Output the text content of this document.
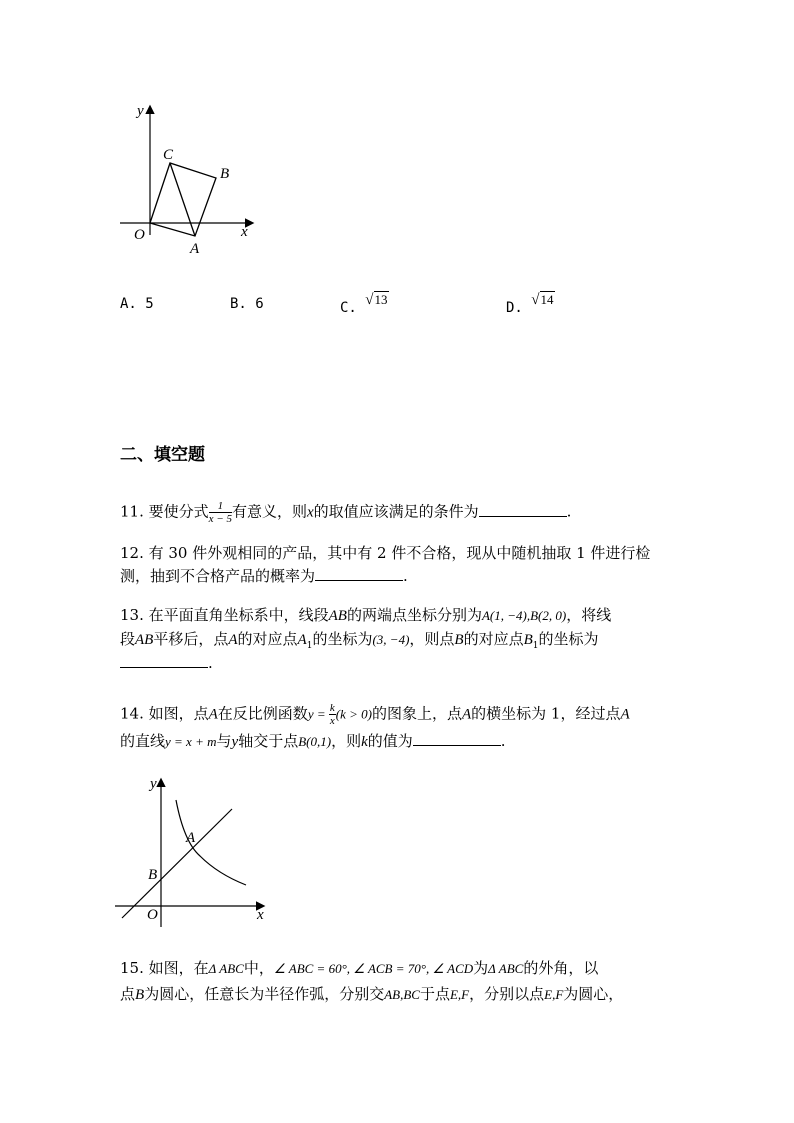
y
x
O
C
B
A
A. 5	B. 6	C. √13
D. √14
二、填空题
11. 要使分式 $\frac{1}{x - 5}$ 有意义，则x的取值应该满足的条件为	.
12. 有 30 件外观相同的产品，其中有 2 件不合格，现从中随机抽取 1 件进行检
测，抽到不合格产品的概率为	.
13. 在平面直角坐标系中，线段AB的两端点坐标分别为A(1, −4),B(2, 0)，将线
段AB平移后，点A的对应点$A_1$的坐标为(3, −4)，则点B的对应点$B_1$的坐标为
.
14. 如图，点A在反比例函数$y = \frac{k}{x} (k > 0)$的图象上，点A的横坐标为 1，经过点A
的直线y = x + m与y轴交于点B(0,1)，则k的值为	.
y
x
O
A
B
15. 如图，在Δ ABC中，∠ ABC = 60°, ∠ ACB = 70°, ∠ ACD为Δ ABC的外角，以
点B为圆心，任意长为半径作弧，分别交AB,BC于点E,F，分别以点E,F为圆心，
